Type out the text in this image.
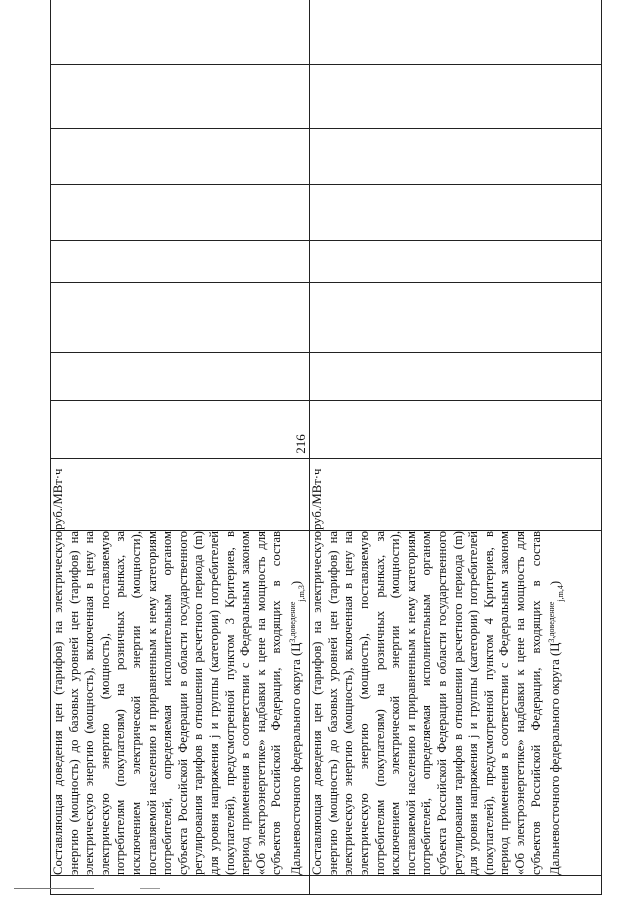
216
	Составляющая доведения цен (тарифов) на электрическую энергию (мощность) до базовых уровней цен (тарифов) на электрическую энергию (мощность), включенная в цену на электрическую энергию (мощность), поставляемую потребителям (покупателям) на розничных рынках, за исключением электрической энергии (мощности), поставляемой населению и приравненным к нему категориям потребителей, определяемая исполнительным органом субъекта Российской Федерации в области государственного регулирования тарифов в отношении расчетного периода (m) для уровня напряжения j и группы (категории) потребителей (покупателей), предусмотренной пунктом 3 Критериев, в период применения в соответствии с Федеральным законом «Об электроэнергетике» надбавки к цене на мощность для субъектов Российской Федерации, входящих в состав Дальневосточного федерального округа $(Ц^{3,доведение}_{j,m,3})$	руб./МВт·ч								
	Составляющая доведения цен (тарифов) на электрическую энергию (мощность) до базовых уровней цен (тарифов) на электрическую энергию (мощность), включенная в цену на электрическую энергию (мощность), поставляемую потребителям (покупателям) на розничных рынках, за исключением электрической энергии (мощности), поставляемой населению и приравненным к нему категориям потребителей, определяемая исполнительным органом субъекта Российской Федерации в области государственного регулирования тарифов в отношении расчетного периода (m) для уровня напряжения j и группы (категории) потребителей (покупателей), предусмотренной пунктом 4 Критериев, в период применения в соответствии с Федеральным законом «Об электроэнергетике» надбавки к цене на мощность для субъектов Российской Федерации, входящих в состав Дальневосточного федерального округа $(Ц^{3,доведение}_{j,m,4})$	руб./МВт·ч								
